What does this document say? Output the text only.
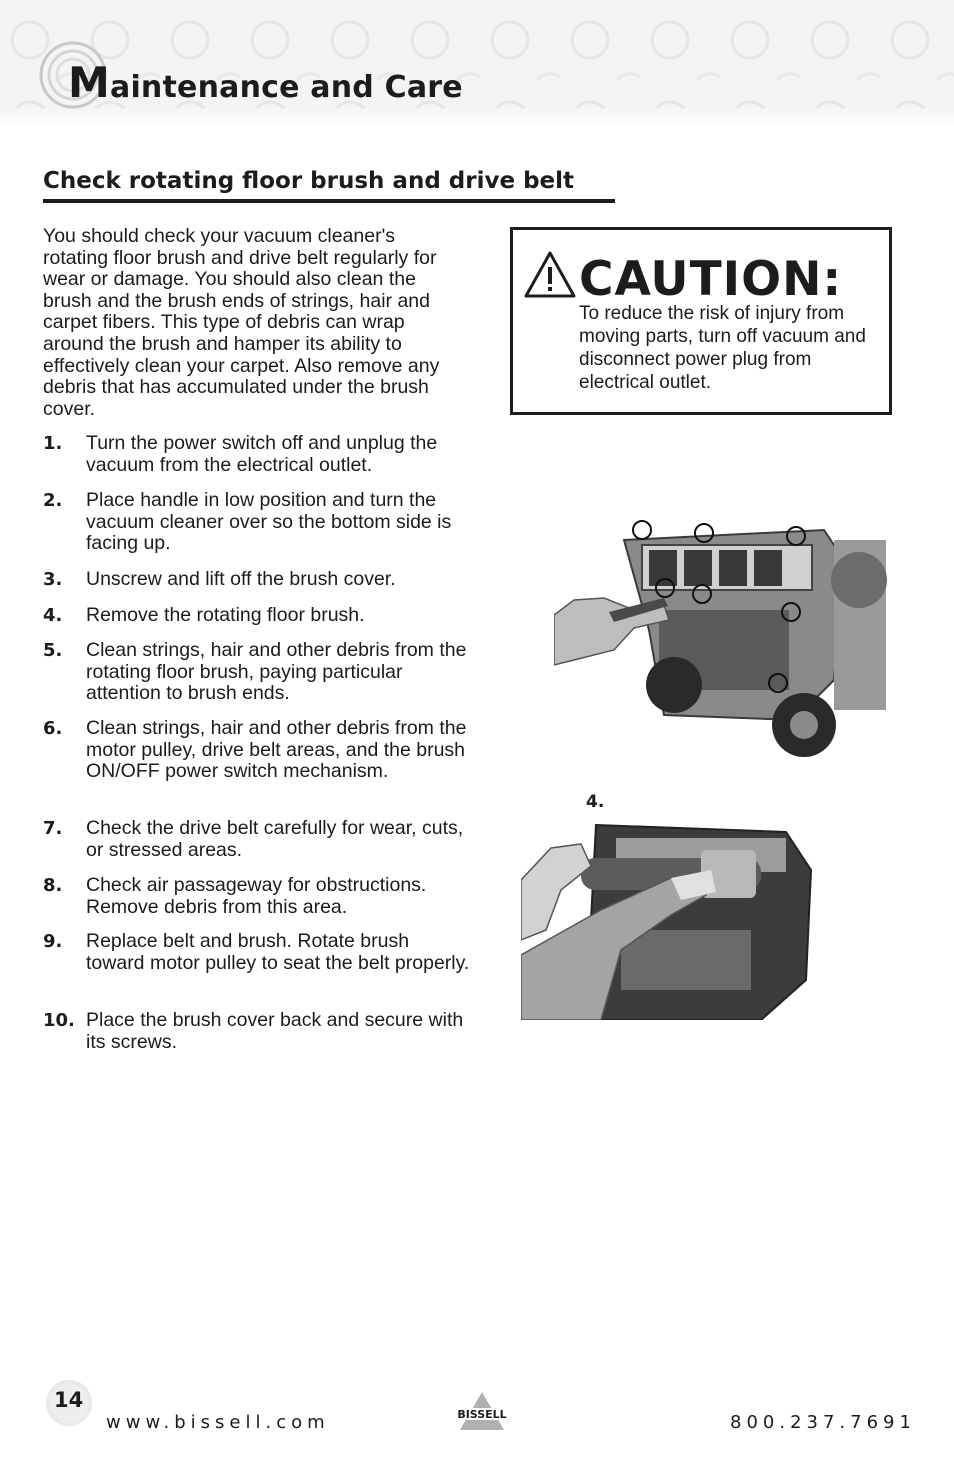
Maintenance and Care
Check rotating floor brush and drive belt

You should check your vacuum cleaner's rotating floor brush and drive belt regularly for wear or damage. You should also clean the brush and the brush ends of strings, hair and carpet fibers. This type of debris can wrap around the brush and hamper its ability to effectively clean your carpet. Also remove any debris that has accumulated under the brush cover.

1. Turn the power switch off and unplug the vacuum from the electrical outlet.
2. Place handle in low position and turn the vacuum cleaner over so the bottom side is facing up.
3. Unscrew and lift off the brush cover.
4. Remove the rotating floor brush.
5. Clean strings, hair and other debris from the rotating floor brush, paying particular attention to brush ends.
6. Clean strings, hair and other debris from the motor pulley, drive belt areas, and the brush ON/OFF power switch mechanism.
7. Check the drive belt carefully for wear, cuts, or stressed areas.
8. Check air passageway for obstructions. Remove debris from this area.
9. Replace belt and brush. Rotate brush toward motor pulley to seat the belt properly.
10. Place the brush cover back and secure with its screws.
CAUTION:

To reduce the risk of injury from moving parts, turn off vacuum and disconnect power plug from electrical outlet.

4.
14
www.bissell.com	800.237.7691
BISSELL
